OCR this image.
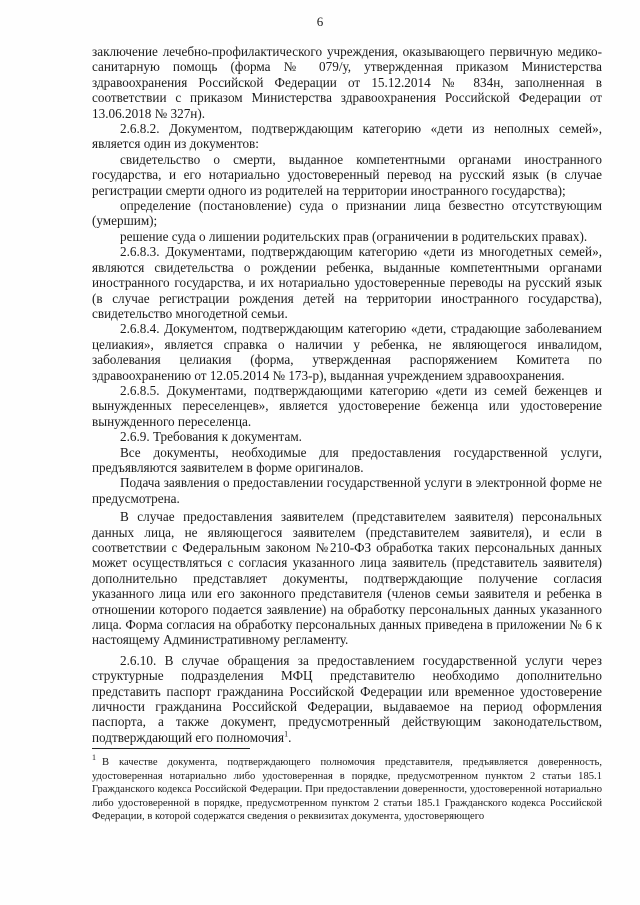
6

заключение лечебно-профилактического учреждения, оказывающего первичную медико-санитарную помощь (форма № 079/у, утвержденная приказом Министерства здравоохранения Российской Федерации от 15.12.2014 № 834н, заполненная в соответствии с приказом Министерства здравоохранения Российской Федерации от 13.06.2018 № 327н).

2.6.8.2. Документом, подтверждающим категорию «дети из неполных семей», является один из документов:

свидетельство о смерти, выданное компетентными органами иностранного государства, и его нотариально удостоверенный перевод на русский язык (в случае регистрации смерти одного из родителей на территории иностранного государства);

определение (постановление) суда о признании лица безвестно отсутствующим (умершим);

решение суда о лишении родительских прав (ограничении в родительских правах).

2.6.8.3. Документами, подтверждающим категорию «дети из многодетных семей», являются свидетельства о рождении ребенка, выданные компетентными органами иностранного государства, и их нотариально удостоверенные переводы на русский язык (в случае регистрации рождения детей на территории иностранного государства), свидетельство многодетной семьи.

2.6.8.4. Документом, подтверждающим категорию «дети, страдающие заболеванием целиакия», является справка о наличии у ребенка, не являющегося инвалидом, заболевания целиакия (форма, утвержденная распоряжением Комитета по здравоохранению от 12.05.2014 № 173-р), выданная учреждением здравоохранения.

2.6.8.5. Документами, подтверждающими категорию «дети из семей беженцев и вынужденных переселенцев», является удостоверение беженца или удостоверение вынужденного переселенца.

2.6.9. Требования к документам.

Все документы, необходимые для предоставления государственной услуги, предъявляются заявителем в форме оригиналов.

Подача заявления о предоставлении государственной услуги в электронной форме не предусмотрена.

В случае предоставления заявителем (представителем заявителя) персональных данных лица, не являющегося заявителем (представителем заявителя), и если в соответствии с Федеральным законом №210-ФЗ обработка таких персональных данных может осуществляться с согласия указанного лица заявитель (представитель заявителя) дополнительно представляет документы, подтверждающие получение согласия указанного лица или его законного представителя (членов семьи заявителя и ребенка в отношении которого подается заявление) на обработку персональных данных указанного лица. Форма согласия на обработку персональных данных приведена в приложении № 6 к настоящему Административному регламенту.

2.6.10. В случае обращения за предоставлением государственной услуги через структурные подразделения МФЦ представителю необходимо дополнительно представить паспорт гражданина Российской Федерации или временное удостоверение личности гражданина Российской Федерации, выдаваемое на период оформления паспорта, а также документ, предусмотренный действующим законодательством, подтверждающий его полномочия$^1$.

$^1$ В качестве документа, подтверждающего полномочия представителя, предъявляется доверенность, удостоверенная нотариально либо удостоверенная в порядке, предусмотренном пунктом 2 статьи 185.1 Гражданского кодекса Российской Федерации. При предоставлении доверенности, удостоверенной нотариально либо удостоверенной в порядке, предусмотренном пунктом 2 статьи 185.1 Гражданского кодекса Российской Федерации, в которой содержатся сведения о реквизитах документа, удостоверяющего
